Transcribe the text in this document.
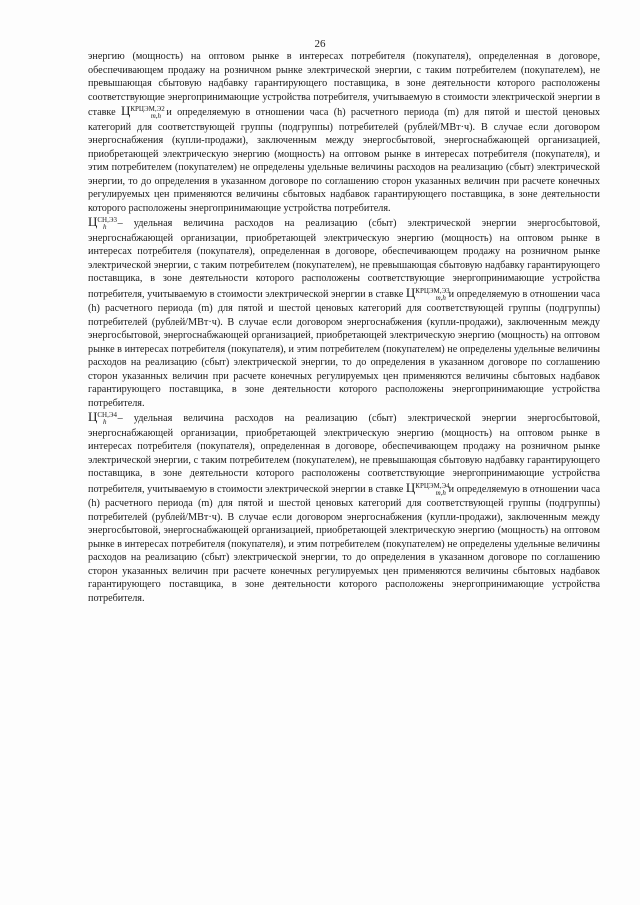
26

энергию (мощность) на оптовом рынке в интересах потребителя (покупателя), определенная в договоре, обеспечивающем продажу на розничном рынке электрической энергии, с таким потребителем (покупателем), не превышающая сбытовую надбавку гарантирующего поставщика, в зоне деятельности которого расположены соответствующие энергопринимающие устройства потребителя, учитываемую в стоимости электрической энергии в ставке $Ц^{КРЦЭМ,Э2}_{m,h}$ и определяемую в отношении часа (h) расчетного периода (m) для пятой и шестой ценовых категорий для соответствующей группы (подгруппы) потребителей (рублей/МВт·ч). В случае если договором энергоснабжения (купли-продажи), заключенным между энергосбытовой, энергоснабжающей организацией, приобретающей электрическую энергию (мощность) на оптовом рынке в интересах потребителя (покупателя), и этим потребителем (покупателем) не определены удельные величины расходов на реализацию (сбыт) электрической энергии, то до определения в указанном договоре по соглашению сторон указанных величин при расчете конечных регулируемых цен применяются величины сбытовых надбавок гарантирующего поставщика, в зоне деятельности которого расположены энергопринимающие устройства потребителя.

$Ц^{СН,Э3}_h$ – удельная величина расходов на реализацию (сбыт) электрической энергии энергосбытовой, энергоснабжающей организации, приобретающей электрическую энергию (мощность) на оптовом рынке в интересах потребителя (покупателя), определенная в договоре, обеспечивающем продажу на розничном рынке электрической энергии, с таким потребителем (покупателем), не превышающая сбытовую надбавку гарантирующего поставщика, в зоне деятельности которого расположены соответствующие энергопринимающие устройства потребителя, учитываемую в стоимости электрической энергии в ставке $Ц^{КРЦЭМ,Э3}_{m,h}$ и определяемую в отношении часа (h) расчетного периода (m) для пятой и шестой ценовых категорий для соответствующей группы (подгруппы) потребителей (рублей/МВт·ч). В случае если договором энергоснабжения (купли-продажи), заключенным между энергосбытовой, энергоснабжающей организацией, приобретающей электрическую энергию (мощность) на оптовом рынке в интересах потребителя (покупателя), и этим потребителем (покупателем) не определены удельные величины расходов на реализацию (сбыт) электрической энергии, то до определения в указанном договоре по соглашению сторон указанных величин при расчете конечных регулируемых цен применяются величины сбытовых надбавок гарантирующего поставщика, в зоне деятельности которого расположены энергопринимающие устройства потребителя.

$Ц^{СН,Э4}_h$ – удельная величина расходов на реализацию (сбыт) электрической энергии энергосбытовой, энергоснабжающей организации, приобретающей электрическую энергию (мощность) на оптовом рынке в интересах потребителя (покупателя), определенная в договоре, обеспечивающем продажу на розничном рынке электрической энергии, с таким потребителем (покупателем), не превышающая сбытовую надбавку гарантирующего поставщика, в зоне деятельности которого расположены соответствующие энергопринимающие устройства потребителя, учитываемую в стоимости электрической энергии в ставке $Ц^{КРЦЭМ,Э4}_{m,h}$ и определяемую в отношении часа (h) расчетного периода (m) для пятой и шестой ценовых категорий для соответствующей группы (подгруппы) потребителей (рублей/МВт·ч). В случае если договором энергоснабжения (купли-продажи), заключенным между энергосбытовой, энергоснабжающей организацией, приобретающей электрическую энергию (мощность) на оптовом рынке в интересах потребителя (покупателя), и этим потребителем (покупателем) не определены удельные величины расходов на реализацию (сбыт) электрической энергии, то до определения в указанном договоре по соглашению сторон указанных величин при расчете конечных регулируемых цен применяются величины сбытовых надбавок гарантирующего поставщика, в зоне деятельности которого расположены энергопринимающие устройства потребителя.
